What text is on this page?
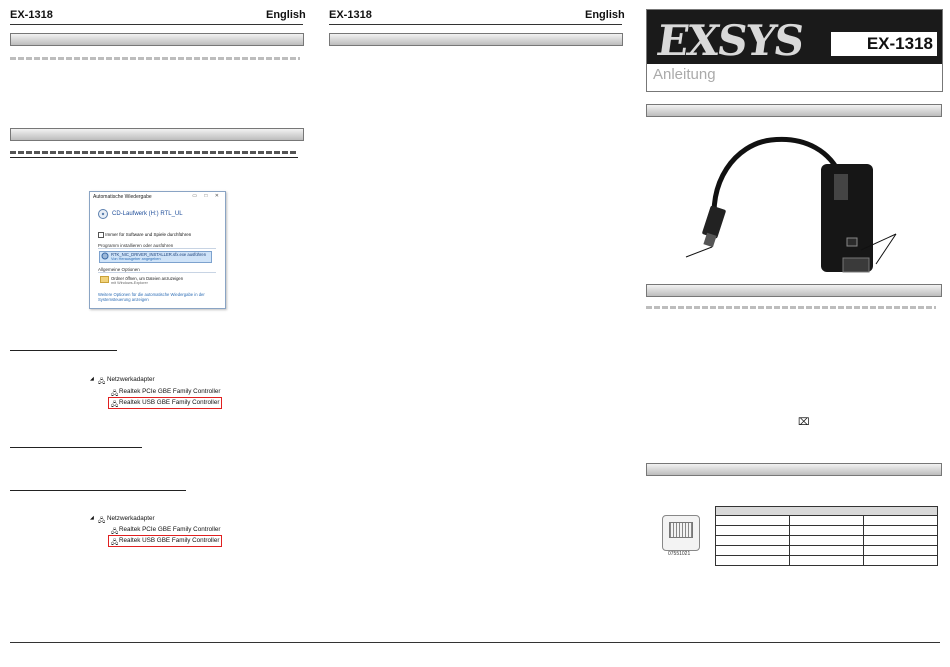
EX-1318	English EX-1318	English
Automatische Wiedergabe	▭ □ ✕
CD-Laufwerk (H:) RTL_UL
Immer für Software und Spiele durchführen
Programm installieren oder ausführen
RTK_NIC_DRIVER_INSTALLER.sfx.exe ausführen
Von Herausgeber angegeben
Allgemeine Optionen
Ordner öffnen, um Dateien anzuzeigen
mit Windows-Explorer
Weitere Optionen für die automatische Wiedergabe in der Systemsteuerung anzeigen
◢ 🖧 Netzwerkadapter
🖧 Realtek PCIe GBE Family Controller
🖧 Realtek USB GBE Family Controller
◢ 🖧 Netzwerkadapter
🖧 Realtek PCIe GBE Family Controller
🖧 Realtek USB GBE Family Controller
EXSYS	EX-1318
Anleitung
⌧
07551021
